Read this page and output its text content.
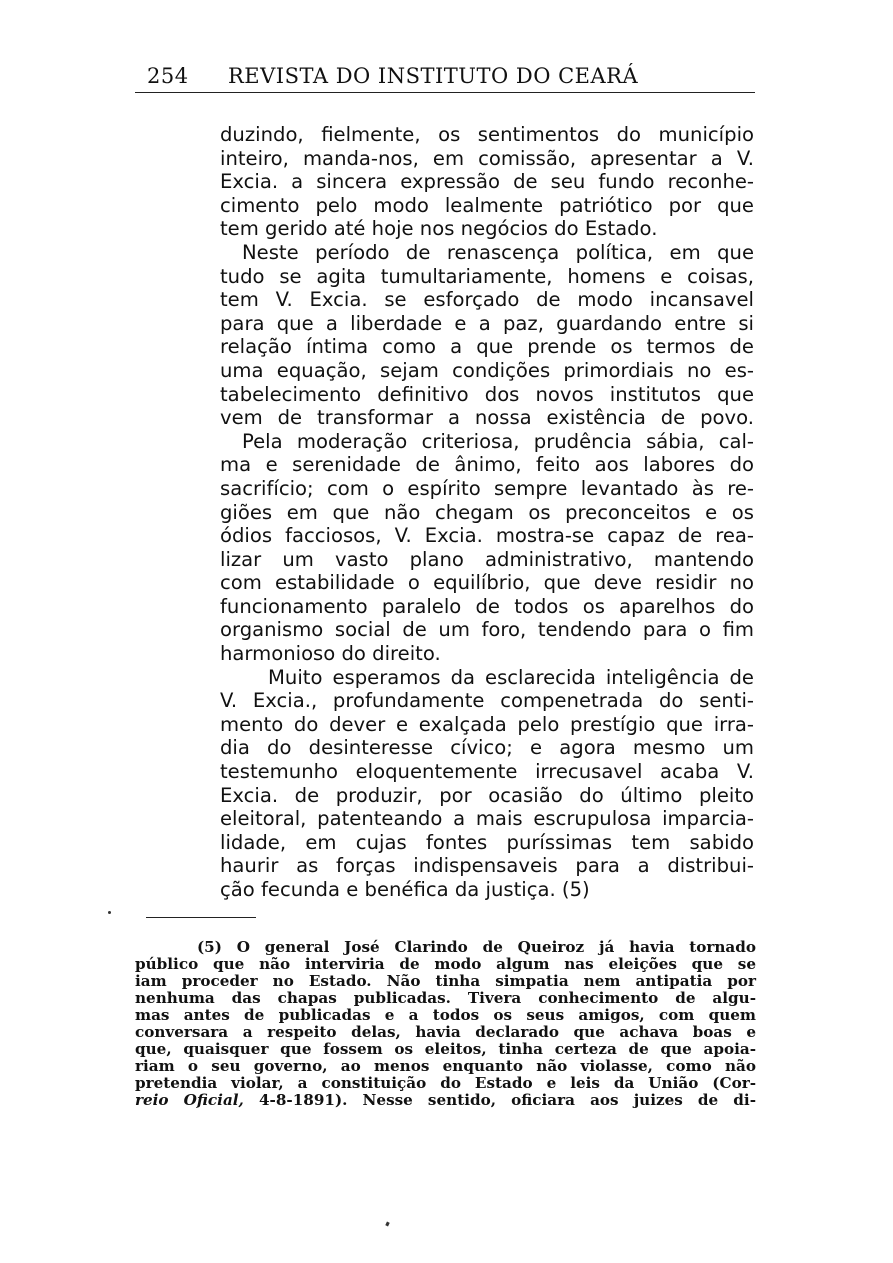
254 REVISTA DO INSTITUTO DO CEARÁ
duzindo, fielmente, os sentimentos do município
inteiro, manda-nos, em comissão, apresentar a V.
Excia. a sincera expressão de seu fundo reconhe-
cimento pelo modo lealmente patriótico por que
tem gerido até hoje nos negócios do Estado.
Neste período de renascença política, em que
tudo se agita tumultariamente, homens e coisas,
tem V. Excia. se esforçado de modo incansavel
para que a liberdade e a paz, guardando entre si
relação íntima como a que prende os termos de
uma equação, sejam condições primordiais no es-
tabelecimento definitivo dos novos institutos que
vem de transformar a nossa existência de povo.
Pela moderação criteriosa, prudência sábia, cal-
ma e serenidade de ânimo, feito aos labores do
sacrifício; com o espírito sempre levantado às re-
giões em que não chegam os preconceitos e os
ódios facciosos, V. Excia. mostra-se capaz de rea-
lizar um vasto plano administrativo, mantendo
com estabilidade o equilíbrio, que deve residir no
funcionamento paralelo de todos os aparelhos do
organismo social de um foro, tendendo para o fim
harmonioso do direito.
Muito esperamos da esclarecida inteligência de
V. Excia., profundamente compenetrada do senti-
mento do dever e exalçada pelo prestígio que irra-
dia do desinteresse cívico; e agora mesmo um
testemunho eloquentemente irrecusavel acaba V.
Excia. de produzir, por ocasião do último pleito
eleitoral, patenteando a mais escrupulosa imparcia-
lidade, em cujas fontes puríssimas tem sabido
haurir as forças indispensaveis para a distribui-
ção fecunda e benéfica da justiça. (5)
(5) O general José Clarindo de Queiroz já havia tornado
público que não interviria de modo algum nas eleições que se
iam proceder no Estado. Não tinha simpatia nem antipatia por
nenhuma das chapas publicadas. Tivera conhecimento de algu-
mas antes de publicadas e a todos os seus amigos, com quem
conversara a respeito delas, havia declarado que achava boas e
que, quaisquer que fossem os eleitos, tinha certeza de que apoia-
riam o seu governo, ao menos enquanto não violasse, como não
pretendia violar, a constituição do Estado e leis da União (Cor-
reio Oficial, 4-8-1891). Nesse sentido, oficiara aos juizes de di-
